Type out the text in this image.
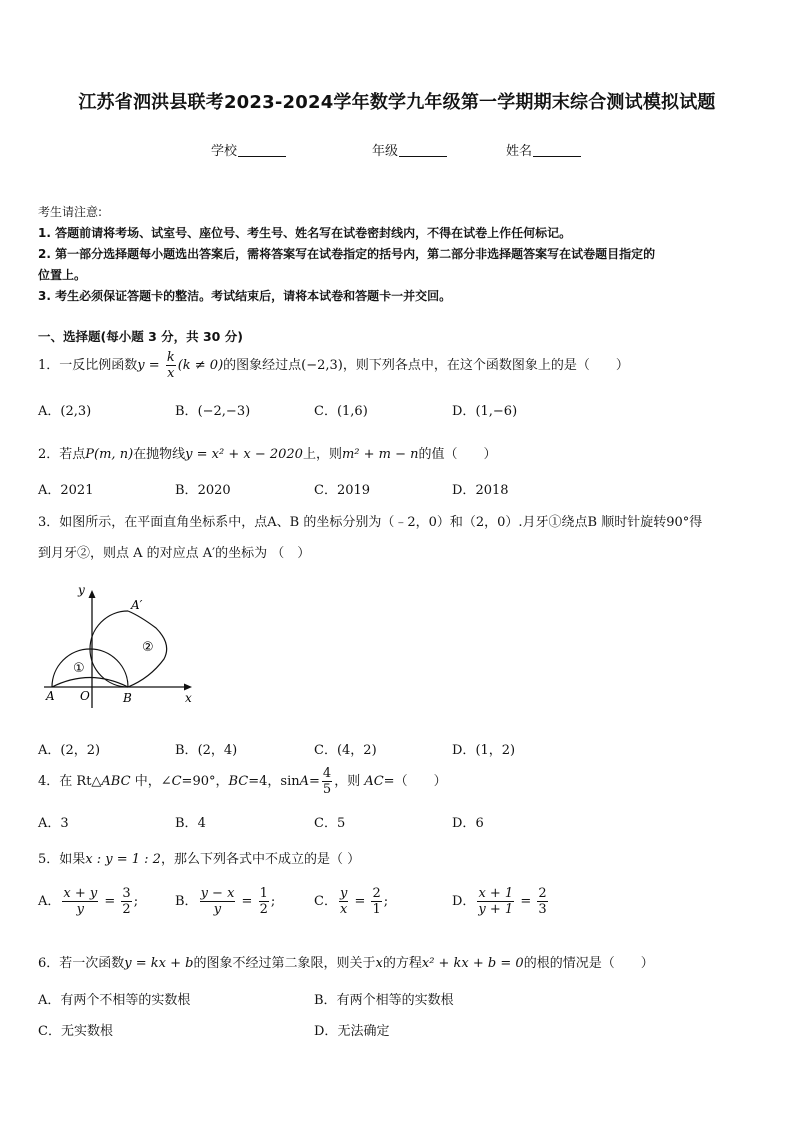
江苏省泗洪县联考2023-2024学年数学九年级第一学期期末综合测试模拟试题
学校	年级	姓名
考生请注意:
1. 答题前请将考场、试室号、座位号、考生号、姓名写在试卷密封线内，不得在试卷上作任何标记。
2. 第一部分选择题每小题选出答案后，需将答案写在试卷指定的括号内，第二部分非选择题答案写在试卷题目指定的
位置上。
3. 考生必须保证答题卡的整洁。考试结束后，请将本试卷和答题卡一并交回。
一、选择题(每小题 3 分，共 30 分)
1．一反比例函数$y = \frac{k}{x} (k \ne 0)$的图象经过点(−2,3)，则下列各点中，在这个函数图象上的是（　　）
A．(2,3)	B．(−2,−3)	C．(1,6)	D．(1,−6)
2．若点P(m, n)在抛物线y = x² + x − 2020上，则m² + m − n的值（　　）
A．2021	B．2020	C．2019	D．2018
3．如图所示，在平面直角坐标系中，点A、B 的坐标分别为（﹣2，0）和（2，0）.月牙①绕点B 顺时针旋转90°得
到月牙②，则点 A 的对应点 A′的坐标为 （　）
y
x
A O	B
A′
①
②
A．(2，2)	B．(2，4)	C．(4，2)	D．(1，2)
4．在 Rt△ABC 中，∠C=90°，BC=4，$\sin A= \frac{4}{5}$ ，则 AC=（　　）
A．3	B．4	C．5	D．6
5．如果x : y = 1 : 2，那么下列各式中不成立的是（ ）
A． $\frac{x + y}{y} = \frac{3}{2}$ ;	B． $\frac{y - x}{y} = \frac{1}{2}$ ;	C． $\frac{y}{x} = \frac{2}{1}$ ;	D． $\frac{x + 1}{y + 1} = \frac{2}{3}$
6．若一次函数y = kx + b的图象不经过第二象限，则关于x的方程x² + kx + b = 0的根的情况是（　　）
A．有两个不相等的实数根	B．有两个相等的实数根
C．无实数根	D．无法确定
